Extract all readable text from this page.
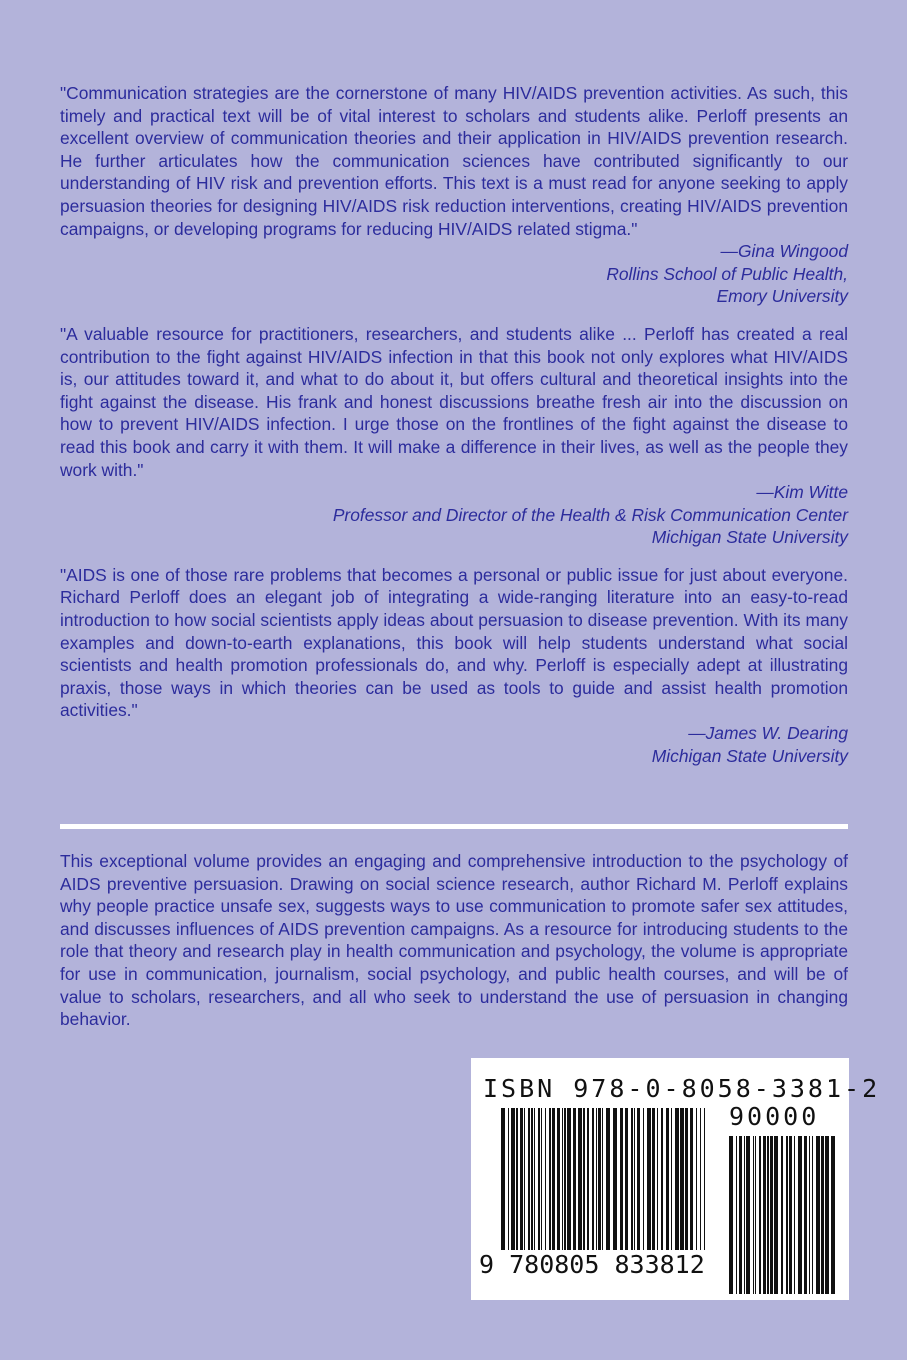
"Communication strategies are the cornerstone of many HIV/AIDS prevention activities. As such, this timely and practical text will be of vital interest to scholars and students alike. Perloff presents an excellent overview of communication theories and their application in HIV/AIDS prevention research. He further articulates how the communication sciences have contributed significantly to our understanding of HIV risk and prevention efforts. This text is a must read for anyone seeking to apply persuasion theories for designing HIV/AIDS risk reduction interventions, creating HIV/AIDS prevention campaigns, or developing programs for reducing HIV/AIDS related stigma."

—Gina Wingood
Rollins School of Public Health,
Emory University

"A valuable resource for practitioners, researchers, and students alike ... Perloff has created a real contribution to the fight against HIV/AIDS infection in that this book not only explores what HIV/AIDS is, our attitudes toward it, and what to do about it, but offers cultural and theoretical insights into the fight against the disease. His frank and honest discussions breathe fresh air into the discussion on how to prevent HIV/AIDS infection. I urge those on the frontlines of the fight against the disease to read this book and carry it with them. It will make a difference in their lives, as well as the people they work with."

—Kim Witte
Professor and Director of the Health & Risk Communication Center
Michigan State University

"AIDS is one of those rare problems that becomes a personal or public issue for just about everyone. Richard Perloff does an elegant job of integrating a wide-ranging literature into an easy-to-read introduction to how social scientists apply ideas about persuasion to disease prevention. With its many examples and down-to-earth explanations, this book will help students understand what social scientists and health promotion professionals do, and why. Perloff is especially adept at illustrating praxis, those ways in which theories can be used as tools to guide and assist health promotion activities."

—James W. Dearing
Michigan State University

This exceptional volume provides an engaging and comprehensive introduction to the psychology of AIDS preventive persuasion. Drawing on social science research, author Richard M. Perloff explains why people practice unsafe sex, suggests ways to use communication to promote safer sex attitudes, and discusses influences of AIDS prevention campaigns. As a resource for introducing students to the role that theory and research play in health communication and psychology, the volume is appropriate for use in communication, journalism, social psychology, and public health courses, and will be of value to scholars, researchers, and all who seek to understand the use of persuasion in changing behavior.

ISBN 978-0-8058-3381-2
90000
9 780805 833812
